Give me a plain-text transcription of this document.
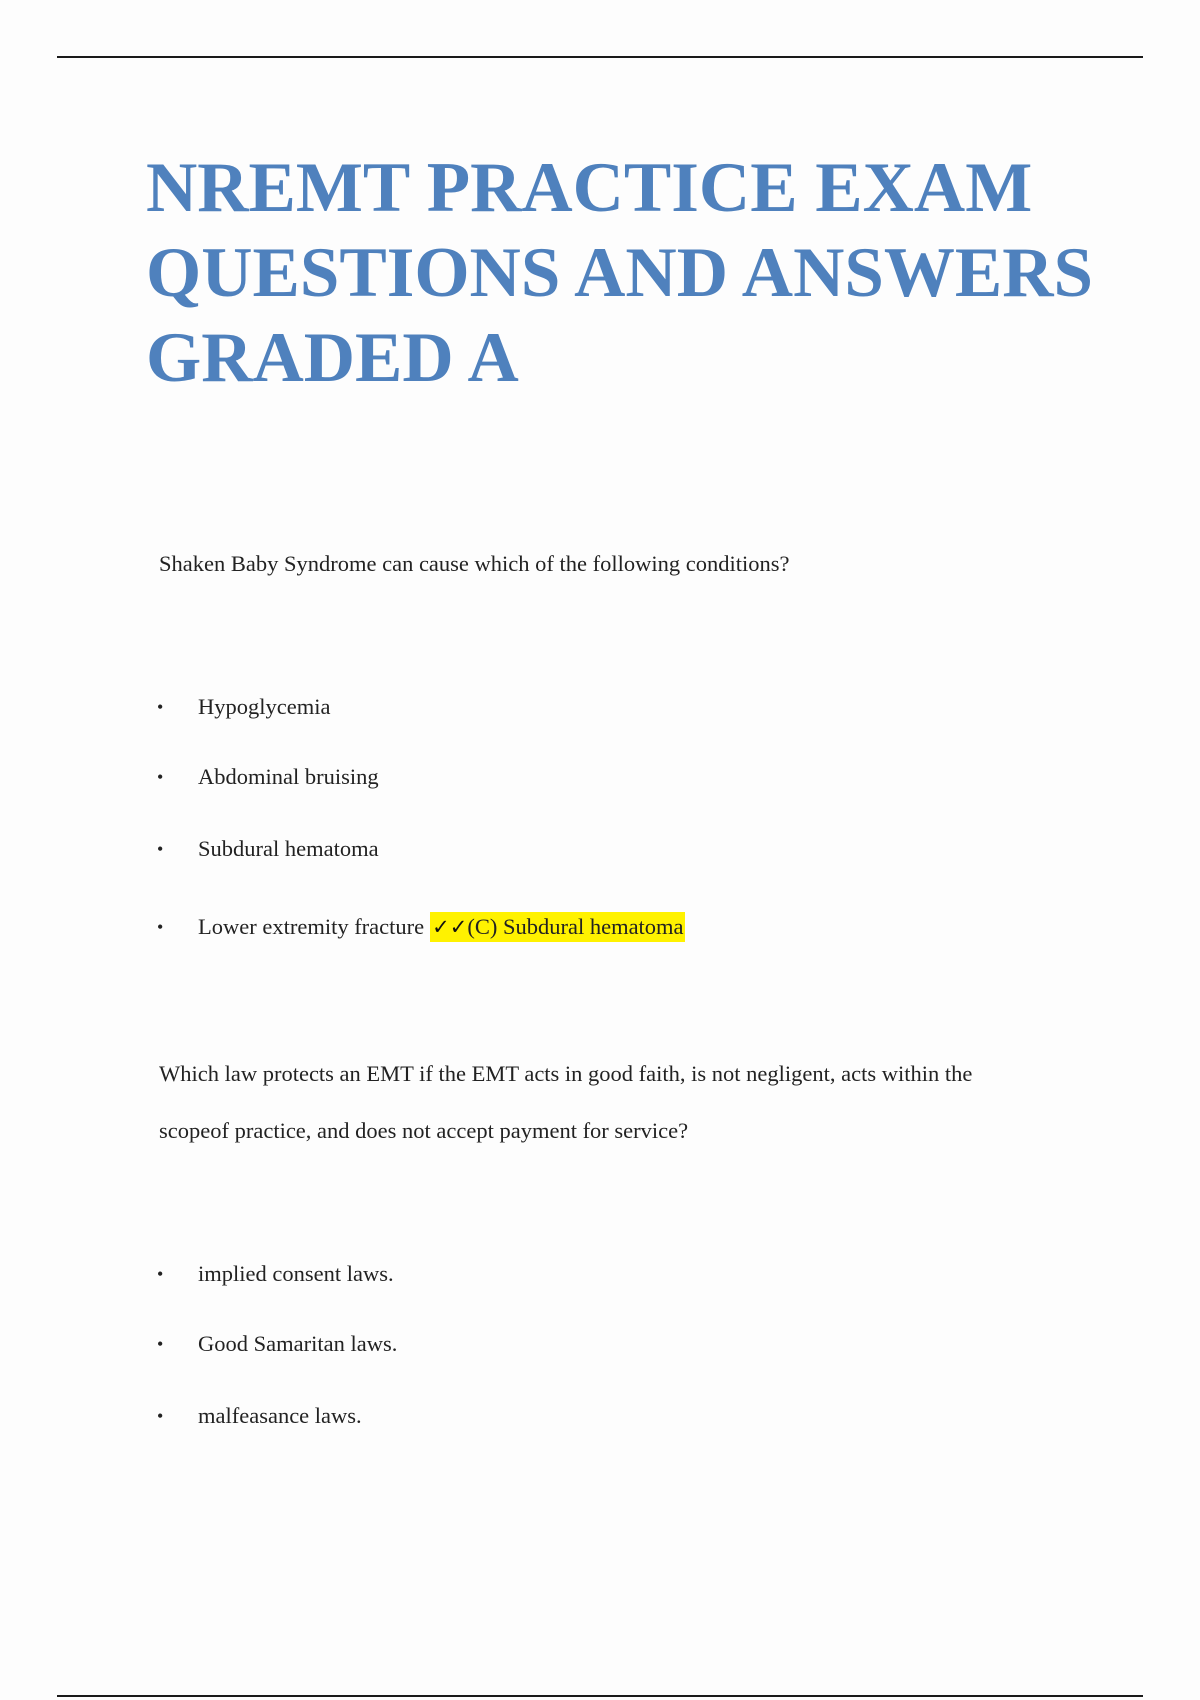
NREMT PRACTICE EXAM
QUESTIONS AND ANSWERS
GRADED A
Shaken Baby Syndrome can cause which of the following conditions?
•	Hypoglycemia
•	Abdominal bruising
•	Subdural hematoma
•	Lower extremity fracture ✓✓(C) Subdural hematoma
Which law protects an EMT if the EMT acts in good faith, is not negligent, acts within the
scopeof practice, and does not accept payment for service?
•	implied consent laws.
•	Good Samaritan laws.
•	malfeasance laws.
